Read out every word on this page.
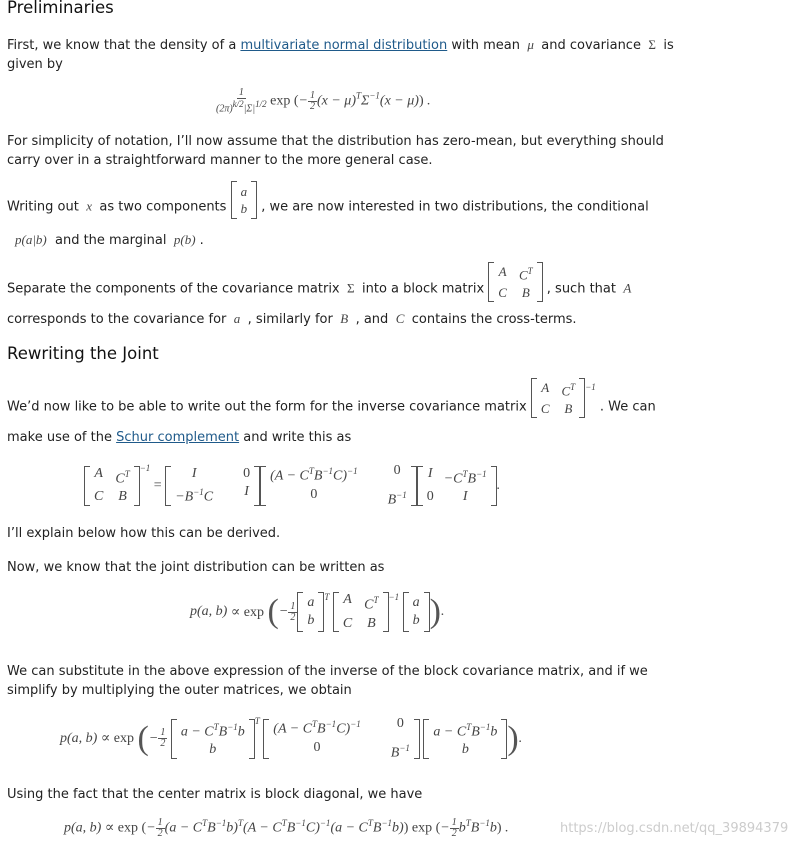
Preliminaries

First, we know that the density of a multivariate normal distribution with mean  μ  and covariance  Σ  is
given by

$\frac{1}{(2\pi)^{k/2}|\Sigma|^{1/2}}$ exp (− $\frac{1}{2} (x - \mu)^T\Sigma^{-1}(x - \mu)$) .

For simplicity of notation, I’ll now assume that the distribution has zero-mean, but everything should carry over in a straightforward manner to the more general case.

Writing out  x  as two components
a
b , we are now interested in two distributions, the conditional

p(a|b) and the marginal  p(b) .

Separate the components of the covariance matrix  Σ  into a block matrix
A $C^T$
C B , such that  A

corresponds to the covariance for  a  , similarly for  B  , and  C  contains the cross-terms.

Rewriting the Joint

We’d now like to be able to write out the form for the inverse covariance matrix
A $C^T$
C B
$^{-1}$
. We can

make use of the Schur complement and write this as

A $C^T$
C B
$^{-1}$

=

I	0
$-B^{-1}C$ I
$(A - C^TB^{-1}C)^{-1}$	0
0	$B^{-1}$
$I -C^TB^{-1}$
0	I
.

I’ll explain below how this can be derived.

Now, we know that the joint distribution can be written as

p(a, b) ∝ exp ( − $\frac{1}{2}$ a
b
$^T$
A $C^T$
C B
$^{-1}$
a
b ) .

We can substitute in the above expression of the inverse of the block covariance matrix, and if we simplify by multiplying the outer matrices, we obtain

p(a, b) ∝ exp ( − $\frac{1}{2}$
$a - C^TB^{-1}b$
b
$^T$

$(A - C^TB^{-1}C)^{-1}$	0
0	$B^{-1}$

$a - C^TB^{-1}b$
b	) .

Using the fact that the center matrix is block diagonal, we have

p(a, b) ∝ exp (− $\frac{1}{2} (a - C^TB^{-1}b)^T(A - C^TB^{-1}C)^{-1}(a - C^TB^{-1}b)$) exp (− $\frac{1}{2} b^TB^{-1}b$) .	https://blog.csdn.net/qq_39894379
